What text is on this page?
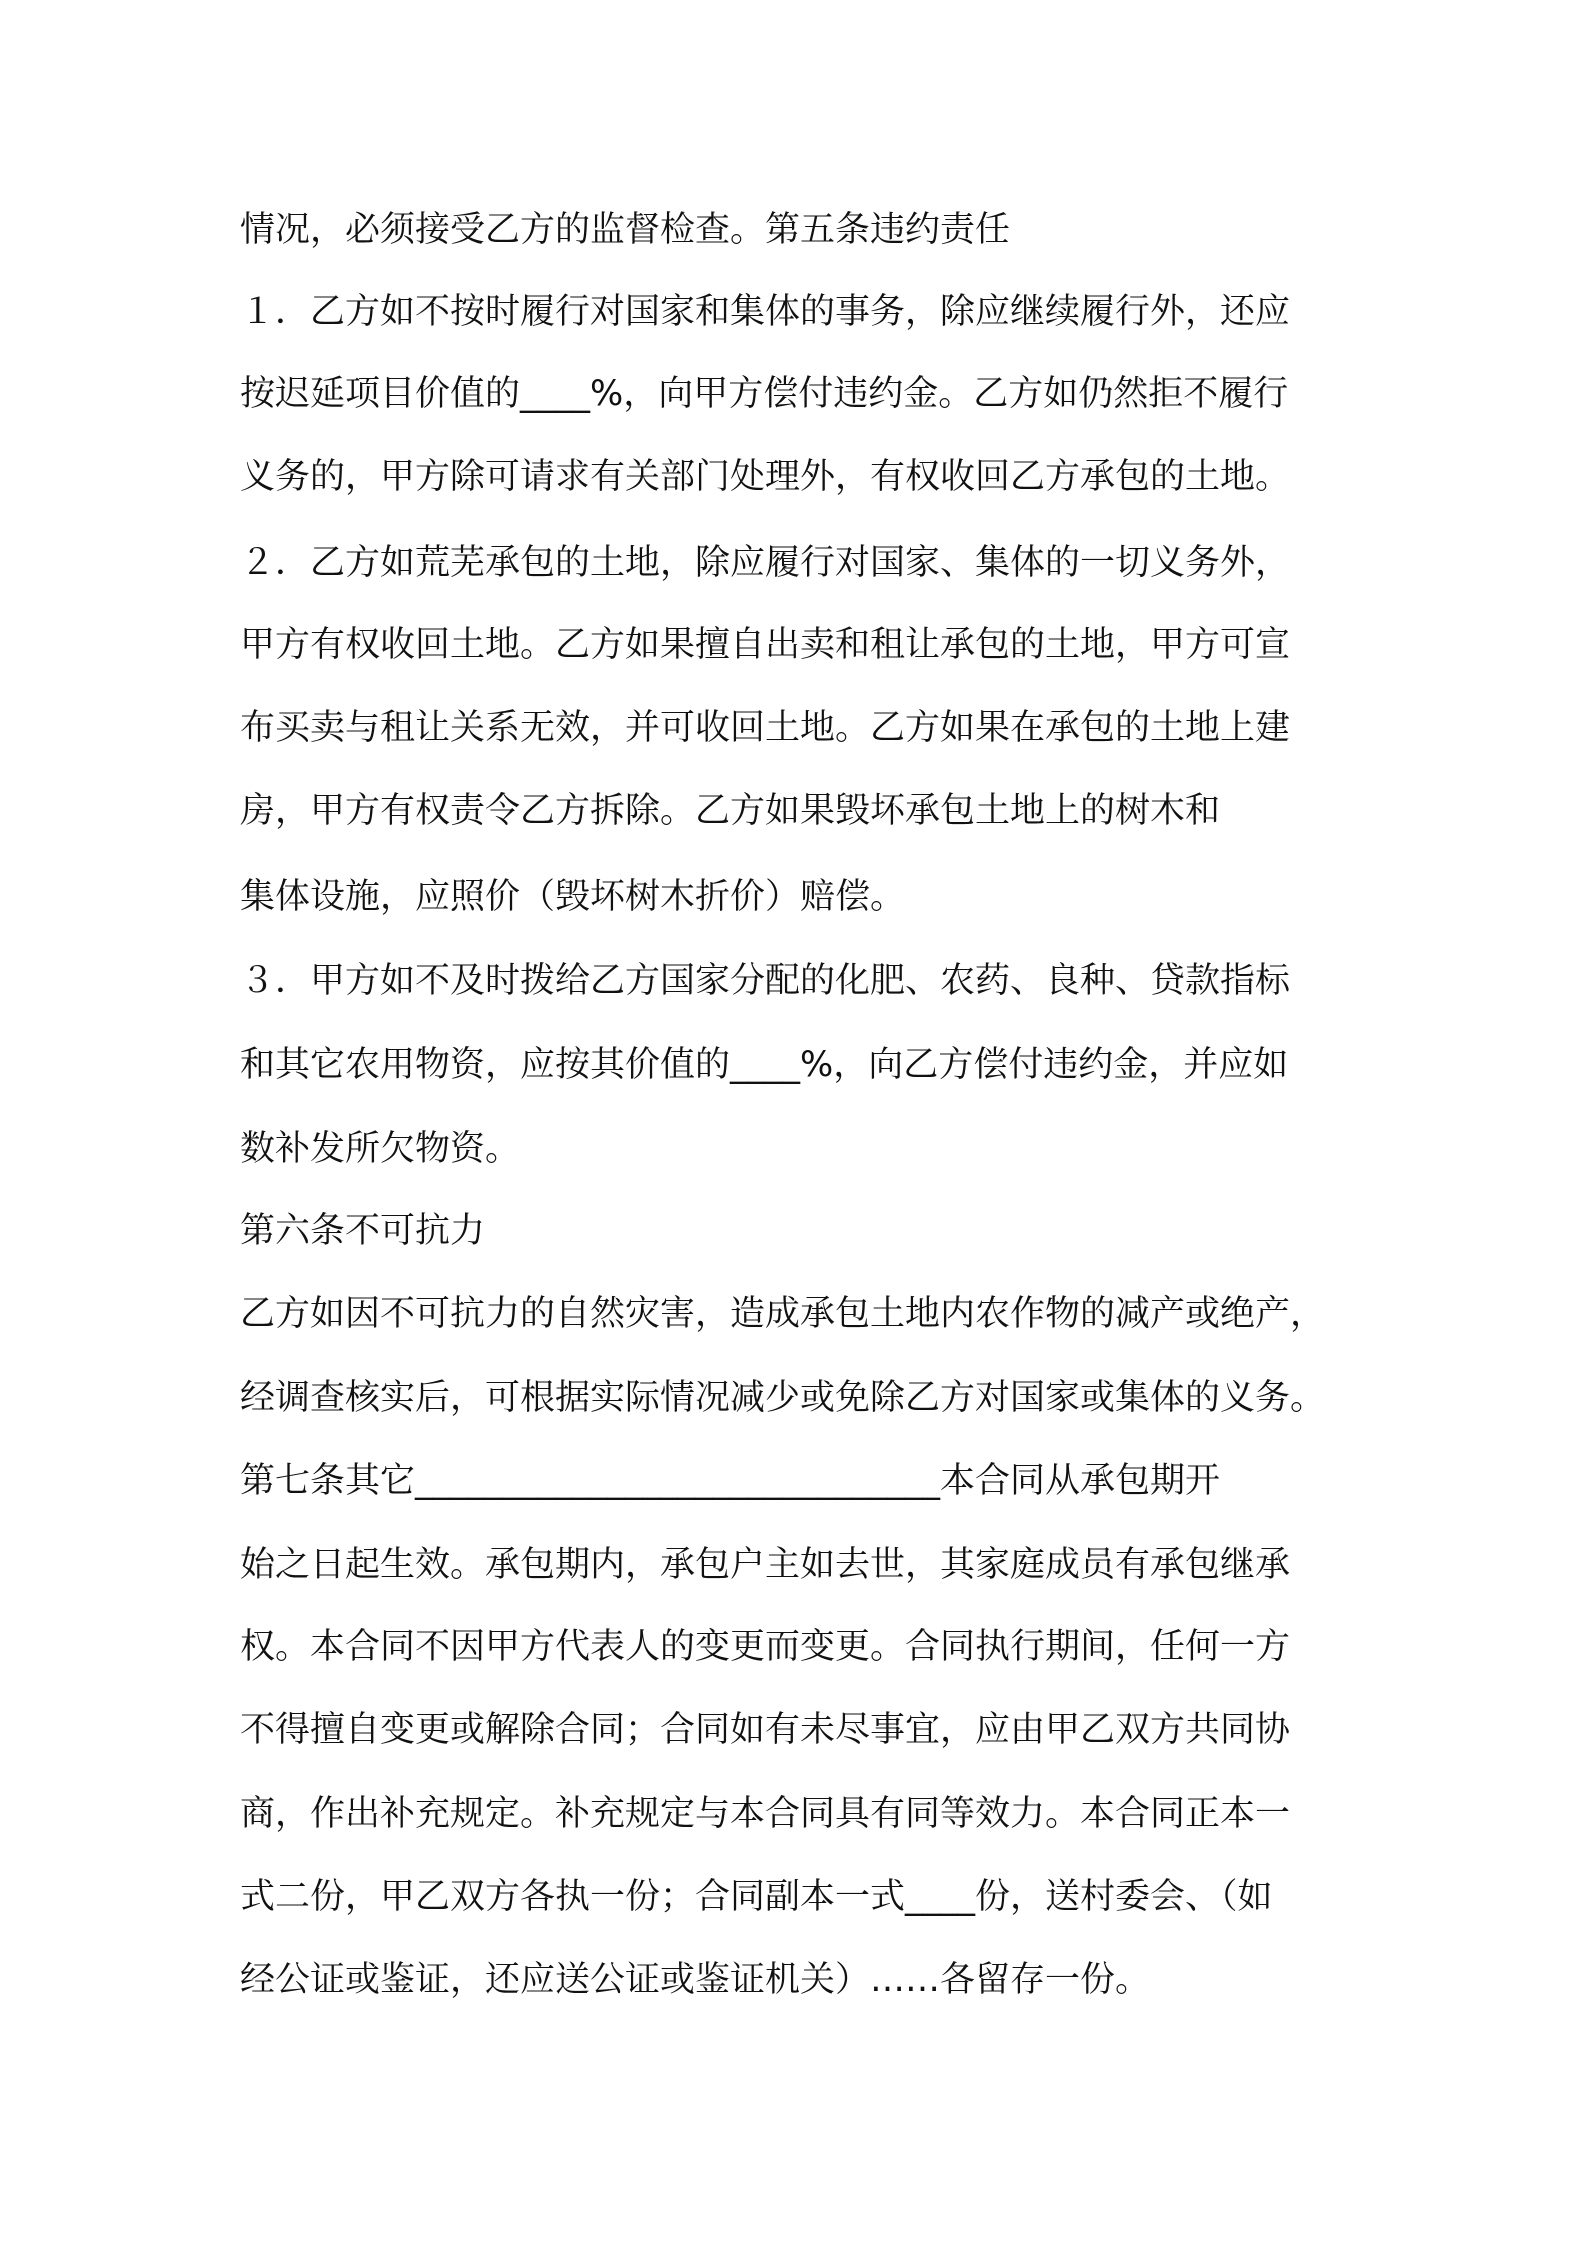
情况，必须接受乙方的监督检查。第五条违约责任

１．乙方如不按时履行对国家和集体的事务，除应继续履行外，还应

按迟延项目价值的____%，向甲方偿付违约金。乙方如仍然拒不履行

义务的，甲方除可请求有关部门处理外，有权收回乙方承包的土地。

２．乙方如荒芜承包的土地，除应履行对国家、集体的一切义务外，

甲方有权收回土地。乙方如果擅自出卖和租让承包的土地，甲方可宣

布买卖与租让关系无效，并可收回土地。乙方如果在承包的土地上建

房，甲方有权责令乙方拆除。乙方如果毁坏承包土地上的树木和

集体设施，应照价（毁坏树木折价）赔偿。

３．甲方如不及时拨给乙方国家分配的化肥、农药、良种、贷款指标

和其它农用物资，应按其价值的____%，向乙方偿付违约金，并应如

数补发所欠物资。

第六条不可抗力

乙方如因不可抗力的自然灾害，造成承包土地内农作物的减产或绝产，

经调查核实后，可根据实际情况减少或免除乙方对国家或集体的义务。

第七条其它______________________________本合同从承包期开

始之日起生效。承包期内，承包户主如去世，其家庭成员有承包继承

权。本合同不因甲方代表人的变更而变更。合同执行期间，任何一方

不得擅自变更或解除合同；合同如有未尽事宜，应由甲乙双方共同协

商，作出补充规定。补充规定与本合同具有同等效力。本合同正本一

式二份，甲乙双方各执一份；合同副本一式____份，送村委会、（如

经公证或鉴证，还应送公证或鉴证机关）……各留存一份。
